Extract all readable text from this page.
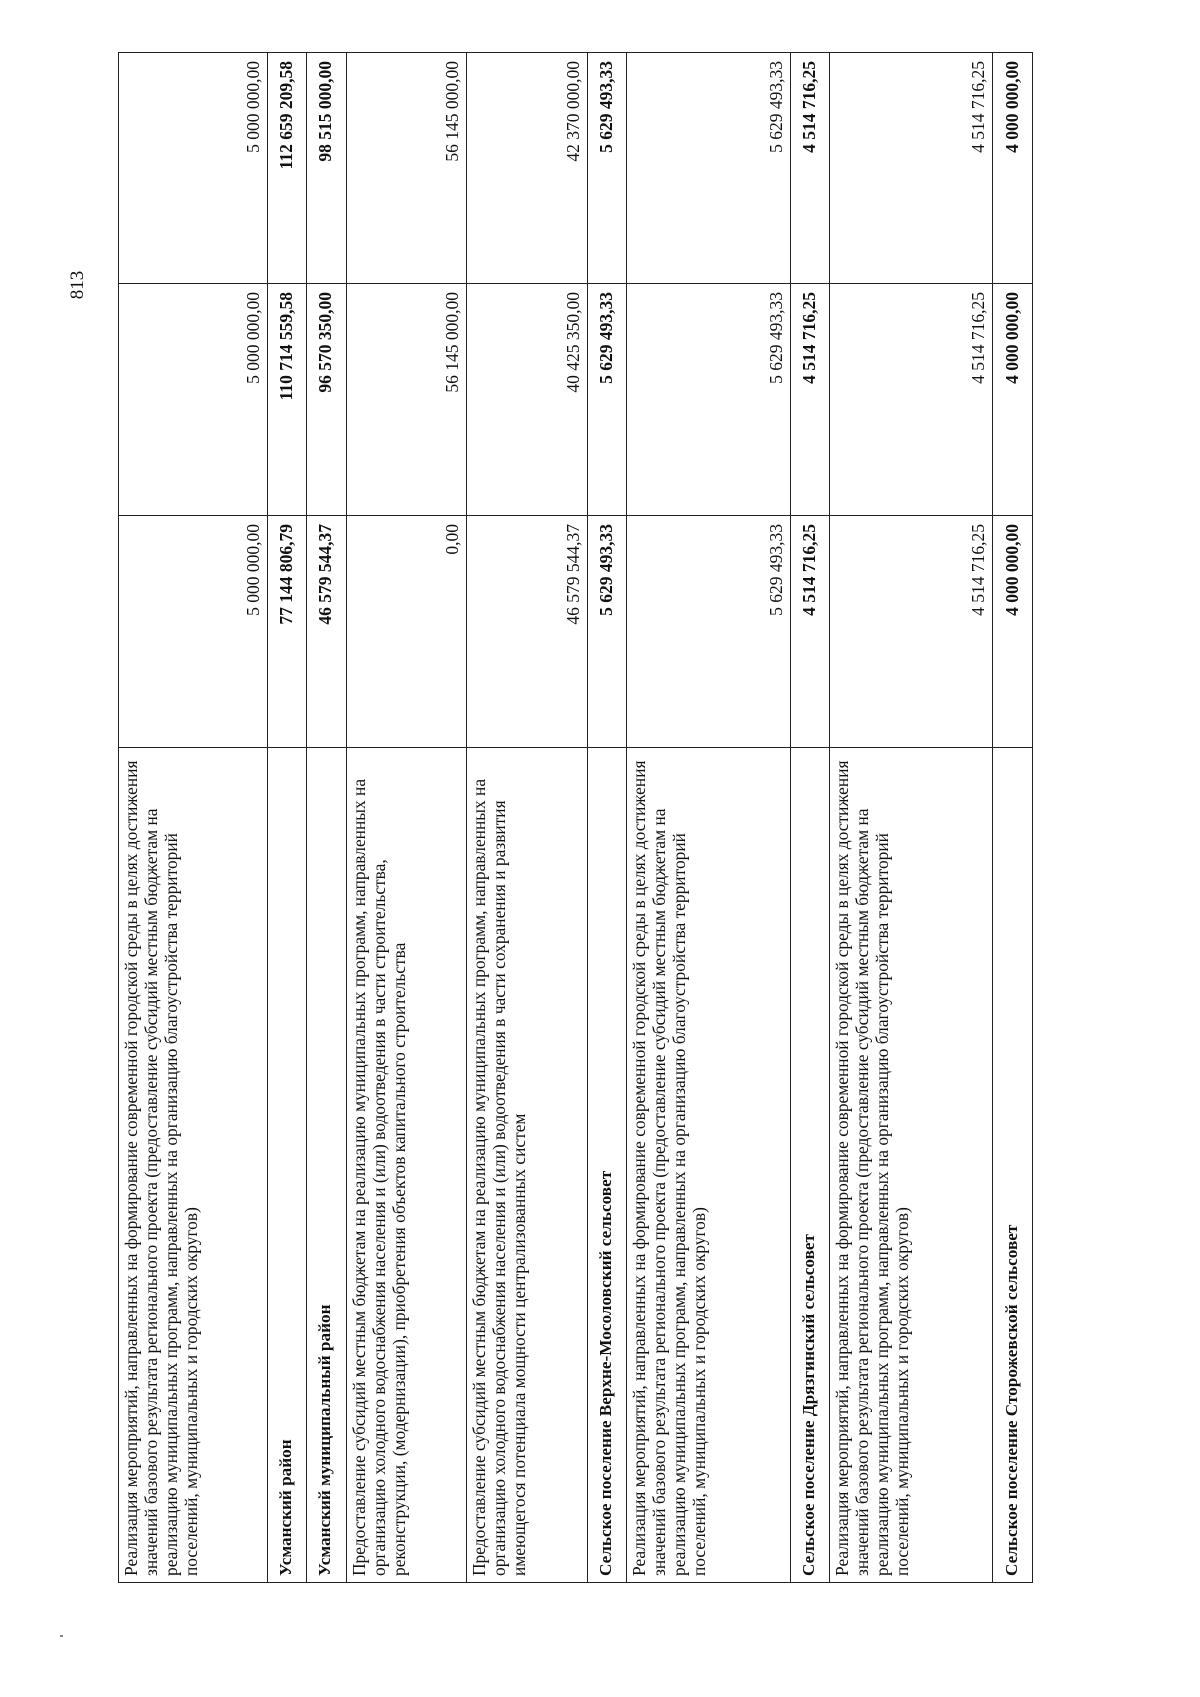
813
Реализация мероприятий, направленных на формирование современной городской среды в целях достижения значений базового результата регионального проекта (предоставление субсидий местным бюджетам на реализацию муниципальных программ, направленных на организацию благоустройства территорий поселений, муниципальных и городских округов)	5 000 000,00	5 000 000,00	5 000 000,00
Усманский район	77 144 806,79	110 714 559,58	112 659 209,58
Усманский муниципальный район	46 579 544,37	96 570 350,00	98 515 000,00
Предоставление субсидий местным бюджетам на реализацию муниципальных программ, направленных на организацию холодного водоснабжения населения и (или) водоотведения в части строительства, реконструкции, (модернизации), приобретения объектов капитального строительства	0,00	56 145 000,00	56 145 000,00
Предоставление субсидий местным бюджетам на реализацию муниципальных программ, направленных на организацию холодного водоснабжения населения и (или) водоотведения в части сохранения и развития имеющегося потенциала мощности централизованных систем	46 579 544,37	40 425 350,00	42 370 000,00
Сельское поселение Верхне-Мосоловский сельсовет	5 629 493,33	5 629 493,33	5 629 493,33
Реализация мероприятий, направленных на формирование современной городской среды в целях достижения значений базового результата регионального проекта (предоставление субсидий местным бюджетам на реализацию муниципальных программ, направленных на организацию благоустройства территорий поселений, муниципальных и городских округов)	5 629 493,33	5 629 493,33	5 629 493,33
Сельское поселение Дрязгинский сельсовет	4 514 716,25	4 514 716,25	4 514 716,25
Реализация мероприятий, направленных на формирование современной городской среды в целях достижения значений базового результата регионального проекта (предоставление субсидий местным бюджетам на реализацию муниципальных программ, направленных на организацию благоустройства территорий поселений, муниципальных и городских округов)	4 514 716,25	4 514 716,25	4 514 716,25
Сельское поселение Сторожевской сельсовет	4 000 000,00	4 000 000,00	4 000 000,00
